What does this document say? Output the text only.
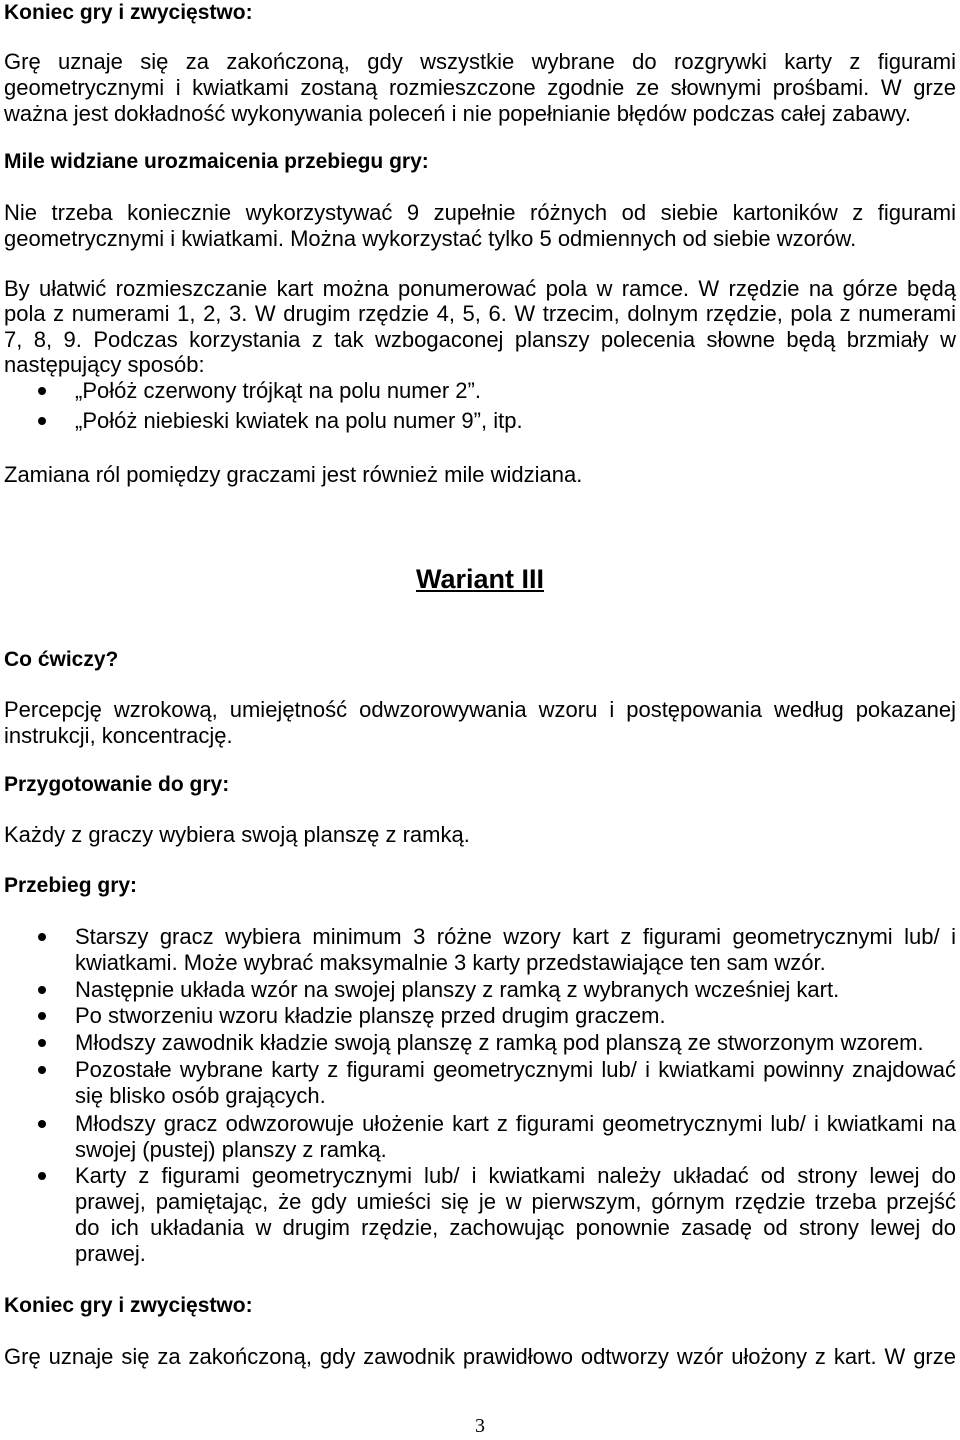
Koniec gry i zwycięstwo:
Grę uznaje się za zakończoną, gdy wszystkie wybrane do rozgrywki karty z figurami
geometrycznymi i kwiatkami zostaną rozmieszczone zgodnie ze słownymi prośbami. W grze
ważna jest dokładność wykonywania poleceń i nie popełnianie błędów podczas całej zabawy.
Mile widziane urozmaicenia przebiegu gry:
Nie trzeba koniecznie wykorzystywać 9 zupełnie różnych od siebie kartoników z figurami
geometrycznymi i kwiatkami. Można wykorzystać tylko 5 odmiennych od siebie wzorów.
By ułatwić rozmieszczanie kart można ponumerować pola w ramce. W rzędzie na górze będą
pola z numerami 1, 2, 3. W drugim rzędzie 4, 5, 6. W trzecim, dolnym rzędzie, pola z numerami
7, 8, 9. Podczas korzystania z tak wzbogaconej planszy polecenia słowne będą brzmiały w
następujący sposób:
„Połóż czerwony trójkąt na polu numer 2”.
„Połóż niebieski kwiatek na polu numer 9”, itp.
Zamiana ról pomiędzy graczami jest również mile widziana.
Wariant III
Co ćwiczy?
Percepcję wzrokową, umiejętność odwzorowywania wzoru i postępowania według pokazanej
instrukcji, koncentrację.
Przygotowanie do gry:
Każdy z graczy wybiera swoją planszę z ramką.
Przebieg gry:
Starszy gracz wybiera minimum 3 różne wzory kart z figurami geometrycznymi lub/ i
kwiatkami. Może wybrać maksymalnie 3 karty przedstawiające ten sam wzór.
Następnie układa wzór na swojej planszy z ramką z wybranych wcześniej kart.
Po stworzeniu wzoru kładzie planszę przed drugim graczem.
Młodszy zawodnik kładzie swoją planszę z ramką pod planszą ze stworzonym wzorem.
Pozostałe wybrane karty z figurami geometrycznymi lub/ i kwiatkami powinny znajdować
się blisko osób grających.
Młodszy gracz odwzorowuje ułożenie kart z figurami geometrycznymi lub/ i kwiatkami na
swojej (pustej) planszy z ramką.
Karty z figurami geometrycznymi lub/ i kwiatkami należy układać od strony lewej do
prawej, pamiętając, że gdy umieści się je w pierwszym, górnym rzędzie trzeba przejść
do ich układania w drugim rzędzie, zachowując ponownie zasadę od strony lewej do
prawej.
Koniec gry i zwycięstwo:
Grę uznaje się za zakończoną, gdy zawodnik prawidłowo odtworzy wzór ułożony z kart. W grze
3
